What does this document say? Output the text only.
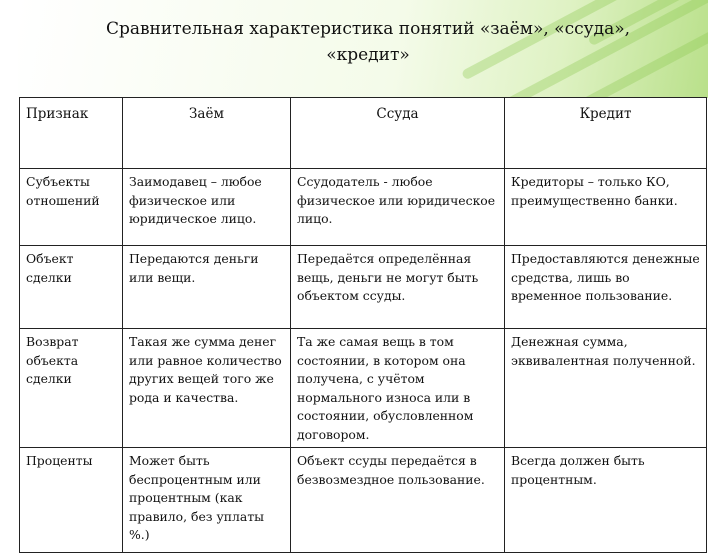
Сравнительная характеристика понятий «заём», «ссуда»,
«кредит»
Признак	Заём	Ссуда	Кредит
Субъекты отношений	Заимодавец – любое физическое или юридическое лицо.	Ссудодатель - любое физическое или юридическое лицо.	Кредиторы – только КО, преимущественно банки.
Объект сделки	Передаются деньги или вещи.	Передаётся определённая вещь, деньги не могут быть объектом ссуды.	Предоставляются денежные средства, лишь во временное пользование.
Возврат объекта сделки	Такая же сумма денег или равное количество других вещей того же рода и качества.	Та же самая вещь в том состоянии, в котором она получена, с учётом нормального износа или в состоянии, обусловленном договором.	Денежная сумма, эквивалентная полученной.
Проценты	Может быть беспроцентным или процентным (как правило, без уплаты %.)	Объект ссуды передаётся в безвозмездное пользование.	Всегда должен быть процентным.
